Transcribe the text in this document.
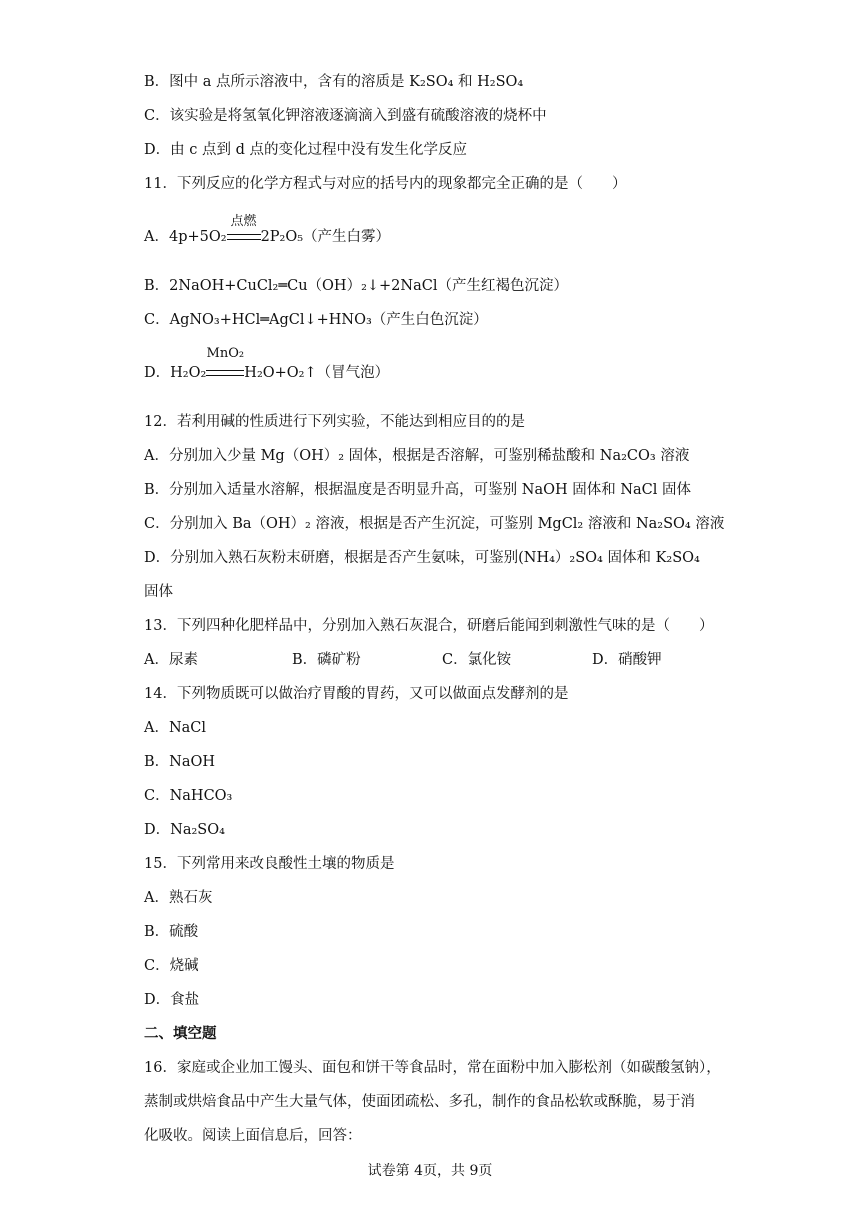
B．图中 a 点所示溶液中，含有的溶质是 K₂SO₄ 和 H₂SO₄
C．该实验是将氢氧化钾溶液逐滴滴入到盛有硫酸溶液的烧杯中
D．由 c 点到 d 点的变化过程中没有发生化学反应
11．下列反应的化学方程式与对应的括号内的现象都完全正确的是（　　）
A．4p+5O₂
点燃
2P₂O₅（产生白雾）
B．2NaOH+CuCl₂═Cu（OH）₂↓+2NaCl（产生红褐色沉淀）
C．AgNO₃+HCl═AgCl↓+HNO₃（产生白色沉淀）
D．H₂O₂
MnO₂
H₂O+O₂↑（冒气泡）
12．若利用碱的性质进行下列实验，不能达到相应目的的是
A．分别加入少量 Mg（OH）₂ 固体，根据是否溶解，可鉴别稀盐酸和 Na₂CO₃ 溶液
B．分别加入适量水溶解，根据温度是否明显升高，可鉴别 NaOH 固体和 NaCl 固体
C．分别加入 Ba（OH）₂ 溶液，根据是否产生沉淀，可鉴别 MgCl₂ 溶液和 Na₂SO₄ 溶液
D．分别加入熟石灰粉末研磨，根据是否产生氨味，可鉴别(NH₄）₂SO₄ 固体和 K₂SO₄
固体
13．下列四种化肥样品中，分别加入熟石灰混合，研磨后能闻到刺激性气味的是（　　）
A．尿素	B．磷矿粉	C．氯化铵	D．硝酸钾
14．下列物质既可以做治疗胃酸的胃药，又可以做面点发酵剂的是
A．NaCl
B．NaOH
C．NaHCO₃
D．Na₂SO₄
15．下列常用来改良酸性土壤的物质是
A．熟石灰
B．硫酸
C．烧碱
D．食盐
二、填空题
16．家庭或企业加工馒头、面包和饼干等食品时，常在面粉中加入膨松剂（如碳酸氢钠），
蒸制或烘焙食品中产生大量气体，使面团疏松、多孔，制作的食品松软或酥脆，易于消
化吸收。阅读上面信息后，回答：
试卷第 4页，共 9页
